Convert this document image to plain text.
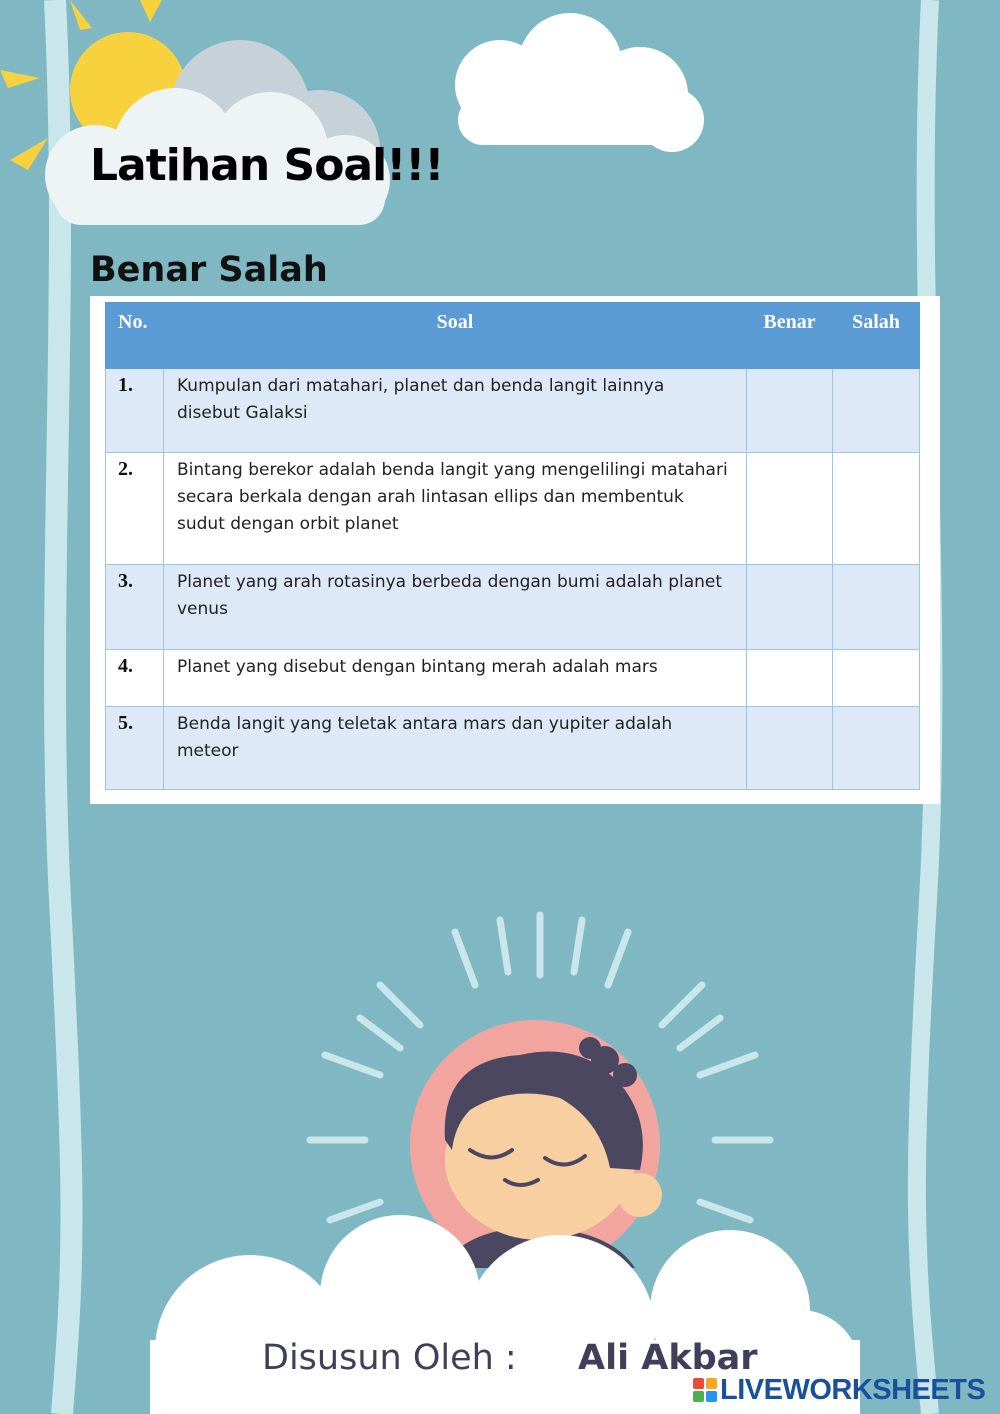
Latihan Soal!!!
Benar Salah
No.	Soal	Benar	Salah
1.	Kumpulan dari matahari, planet dan benda langit lainnya disebut Galaksi		
2.	Bintang berekor adalah benda langit yang mengelilingi matahari secara berkala dengan arah lintasan ellips dan membentuk sudut dengan orbit planet		
3.	Planet yang arah rotasinya berbeda dengan bumi adalah planet venus		
4.	Planet yang disebut dengan bintang merah adalah mars		
5.	Benda langit yang teletak antara mars dan yupiter adalah meteor		
Disusun Oleh : Ali Akbar
LIVEWORKSHEETS
